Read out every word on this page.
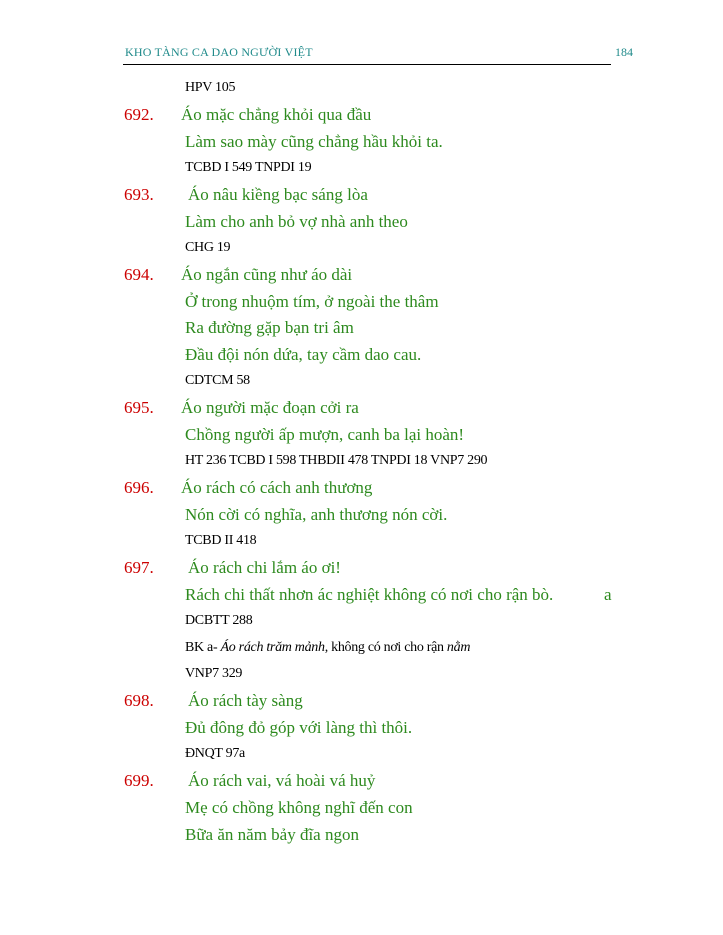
KHO TÀNG CA DAO NGƯỜI VIỆT	184
HPV 105
692. Áo mặc chẳng khỏi qua đầu
Làm sao mày cũng chẳng hầu khỏi ta.
TCBD I 549 TNPDI 19
693. Áo nâu kiềng bạc sáng lòa
Làm cho anh bỏ vợ nhà anh theo
CHG 19
694. Áo ngắn cũng như áo dài
Ở trong nhuộm tím, ở ngoài the thâm
Ra đường gặp bạn tri âm
Đầu đội nón dứa, tay cầm dao cau.
CDTCM 58
695. Áo người mặc đoạn cởi ra
Chồng người ấp mượn, canh ba lại hoàn!
HT 236 TCBD I 598 THBDII 478 TNPDI 18 VNP7 290
696. Áo rách có cách anh thương
Nón cời có nghĩa, anh thương nón cời.
TCBD II 418
697. Áo rách chi lắm áo ơi!
Rách chi thất nhơn ác nghiệt không có nơi cho rận bò.	a
DCBTT 288
BK a- Áo rách trăm mảnh, không có nơi cho rận nằm
VNP7 329
698. Áo rách tày sàng
Đủ đông đỏ góp với làng thì thôi.
ĐNQT 97a
699. Áo rách vai, vá hoài vá huỷ
Mẹ có chồng không nghĩ đến con
Bữa ăn năm bảy đĩa ngon
